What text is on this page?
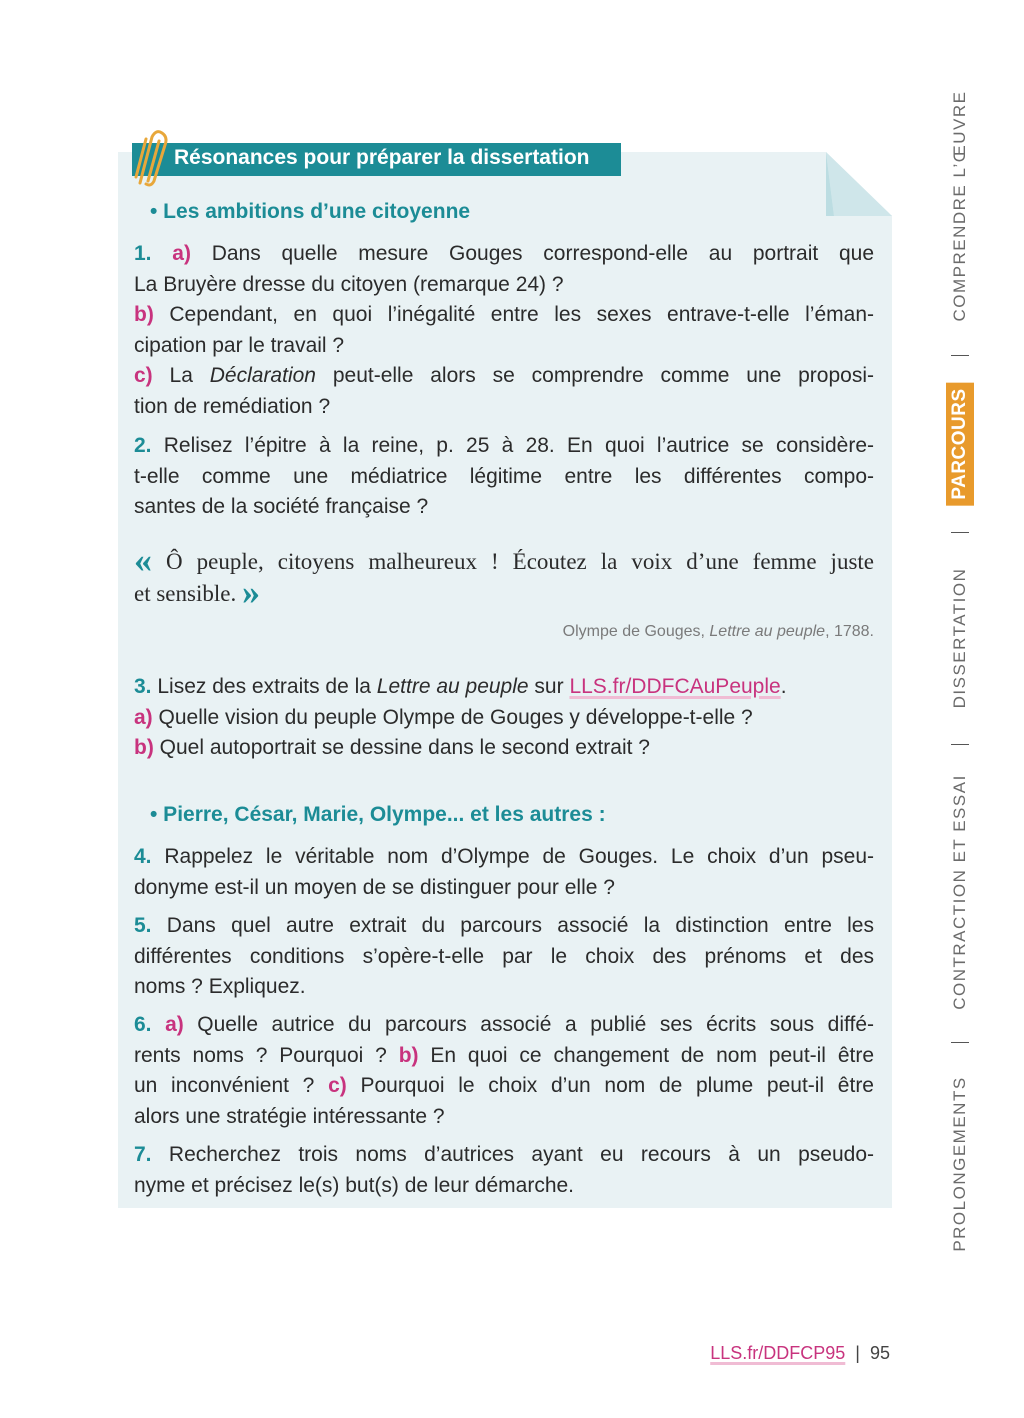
Résonances pour préparer la dissertation
• Les ambitions d’une citoyenne
1. a) Dans quelle mesure Gouges correspond-elle au portrait que
La Bruyère dresse du citoyen (remarque 24) ?
b) Cependant, en quoi l’inégalité entre les sexes entrave-t-elle l’éman-
cipation par le travail ?
c) La Déclaration peut-elle alors se comprendre comme une proposi-
tion de remédiation ?
2. Relisez l’épitre à la reine, p. 25 à 28. En quoi l’autrice se considère-
t-elle comme une médiatrice légitime entre les différentes compo-
santes de la société française ?
« Ô peuple, citoyens malheureux ! Écoutez la voix d’une femme juste
et sensible. »
Olympe de Gouges, Lettre au peuple, 1788.
3. Lisez des extraits de la Lettre au peuple sur LLS.fr/DDFCAuPeuple.
a) Quelle vision du peuple Olympe de Gouges y développe-t-elle ?
b) Quel autoportrait se dessine dans le second extrait ?
• Pierre, César, Marie, Olympe... et les autres :
4. Rappelez le véritable nom d’Olympe de Gouges. Le choix d’un pseu-
donyme est-il un moyen de se distinguer pour elle ?
5. Dans quel autre extrait du parcours associé la distinction entre les
différentes conditions s’opère-t-elle par le choix des prénoms et des
noms ? Expliquez.
6. a) Quelle autrice du parcours associé a publié ses écrits sous diffé-
rents noms ? Pourquoi ? b) En quoi ce changement de nom peut-il être
un inconvénient ? c) Pourquoi le choix d’un nom de plume peut-il être
alors une stratégie intéressante ?
7. Recherchez trois noms d’autrices ayant eu recours à un pseudo-
nyme et précisez le(s) but(s) de leur démarche.
COMPRENDRE L’ŒUVRE
PARCOURS
DISSERTATION
CONTRACTION ET ESSAI
PROLONGEMENTS
LLS.fr/DDFCP95 | 95
